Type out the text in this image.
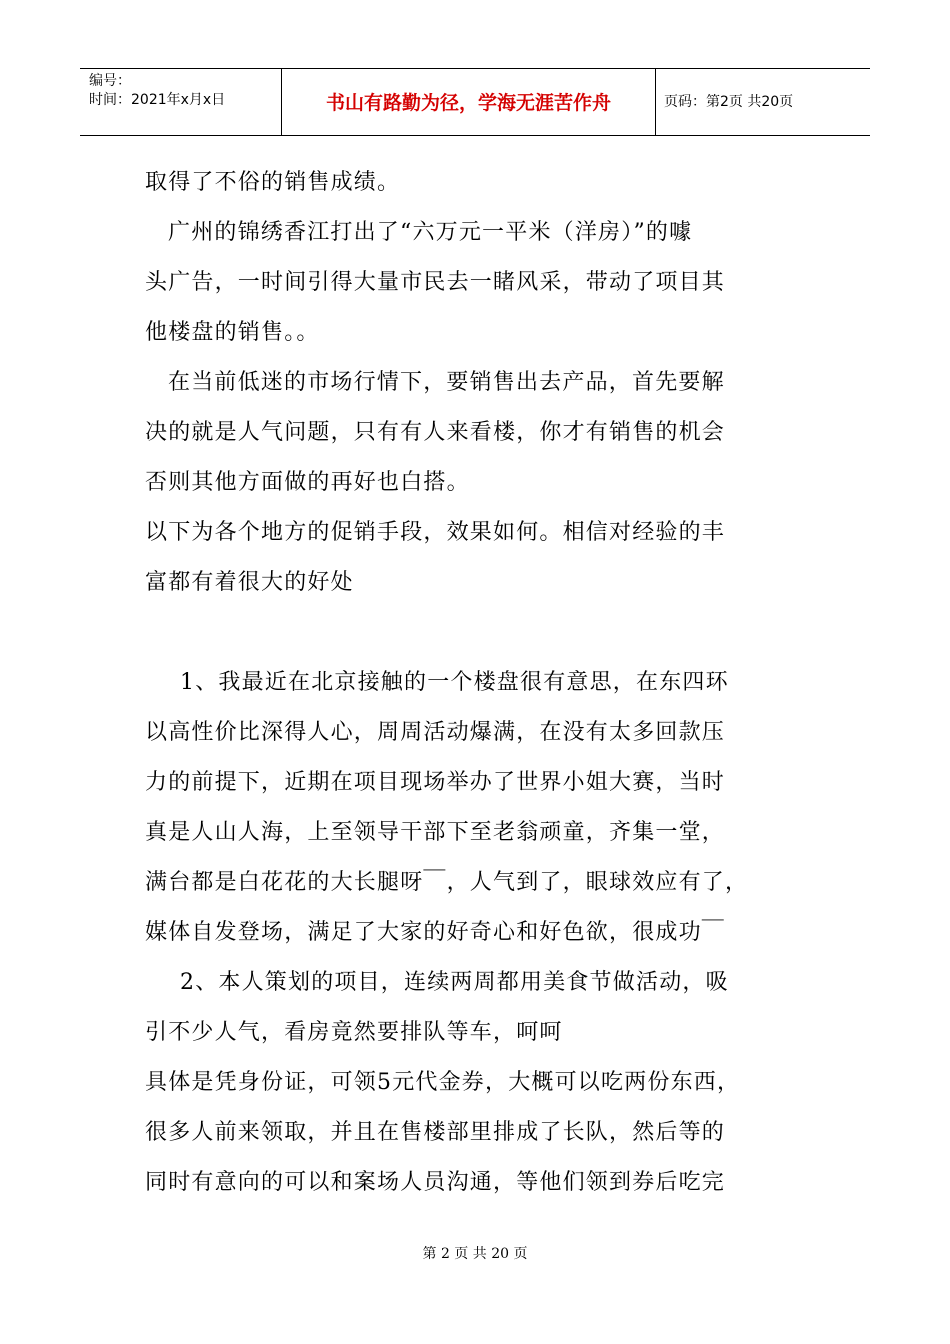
编号：
时间：2021年x月x日	书山有路勤为径，学海无涯苦作舟	页码：第2页 共20页
取得了不俗的销售成绩。
广州的锦绣香江打出了“六万元一平米（洋房）”的噱
头广告，一时间引得大量市民去一睹风采，带动了项目其
他楼盘的销售。。
在当前低迷的市场行情下，要销售出去产品，首先要解
决的就是人气问题，只有有人来看楼，你才有销售的机会
否则其他方面做的再好也白搭。
以下为各个地方的促销手段，效果如何。相信对经验的丰
富都有着很大的好处
1、我最近在北京接触的一个楼盘很有意思，在东四环
以高性价比深得人心，周周活动爆满，在没有太多回款压
力的前提下，近期在项目现场举办了世界小姐大赛，当时
真是人山人海，上至领导干部下至老翁顽童，齐集一堂，
满台都是白花花的大长腿呀￣，人气到了，眼球效应有了，
媒体自发登场，满足了大家的好奇心和好色欲，很成功￣
2、本人策划的项目，连续两周都用美食节做活动，吸
引不少人气，看房竟然要排队等车，呵呵
具体是凭身份证，可领5元代金券，大概可以吃两份东西，
很多人前来领取，并且在售楼部里排成了长队，然后等的
同时有意向的可以和案场人员沟通，等他们领到券后吃完
第 2 页 共 20 页
